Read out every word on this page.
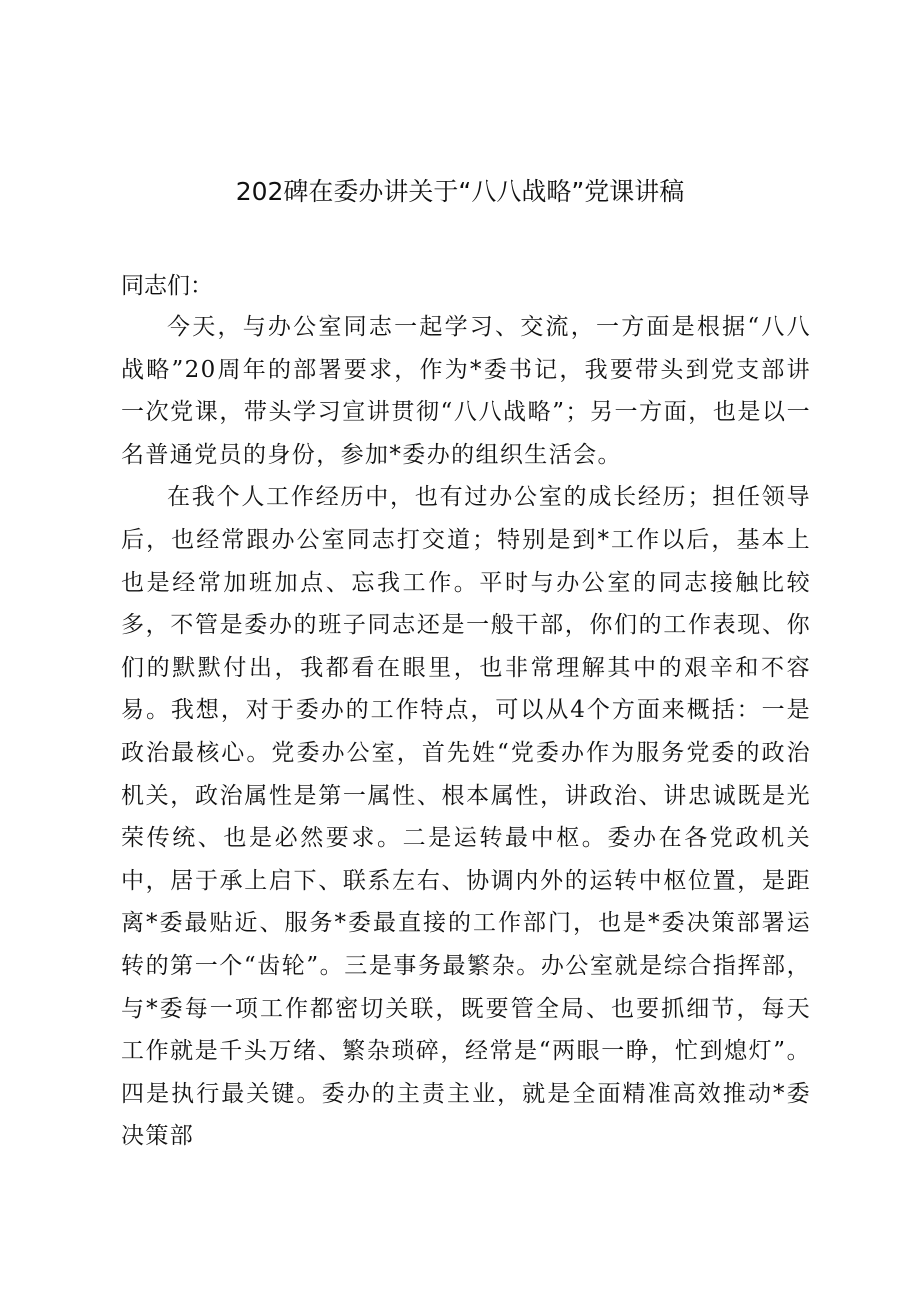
202碑在委办讲关于“八八战略”党课讲稿

同志们：

今天，与办公室同志一起学习、交流，一方面是根据“八八战略”20周年的部署要求，作为*委书记，我要带头到党支部讲一次党课，带头学习宣讲贯彻“八八战略”；另一方面，也是以一名普通党员的身份，参加*委办的组织生活会。

在我个人工作经历中，也有过办公室的成长经历；担任领导后，也经常跟办公室同志打交道；特别是到*工作以后，基本上也是经常加班加点、忘我工作。平时与办公室的同志接触比较多，不管是委办的班子同志还是一般干部，你们的工作表现、你们的默默付出，我都看在眼里，也非常理解其中的艰辛和不容易。我想，对于委办的工作特点，可以从4个方面来概括：一是政治最核心。党委办公室，首先姓“党委办作为服务党委的政治机关，政治属性是第一属性、根本属性，讲政治、讲忠诚既是光荣传统、也是必然要求。二是运转最中枢。委办在各党政机关中，居于承上启下、联系左右、协调内外的运转中枢位置，是距离*委最贴近、服务*委最直接的工作部门，也是*委决策部署运转的第一个“齿轮”。三是事务最繁杂。办公室就是综合指挥部，与*委每一项工作都密切关联，既要管全局、也要抓细节，每天工作就是千头万绪、繁杂琐碎，经常是“两眼一睁，忙到熄灯”。四是执行最关键。委办的主责主业，就是全面精准高效推动*委决策部
